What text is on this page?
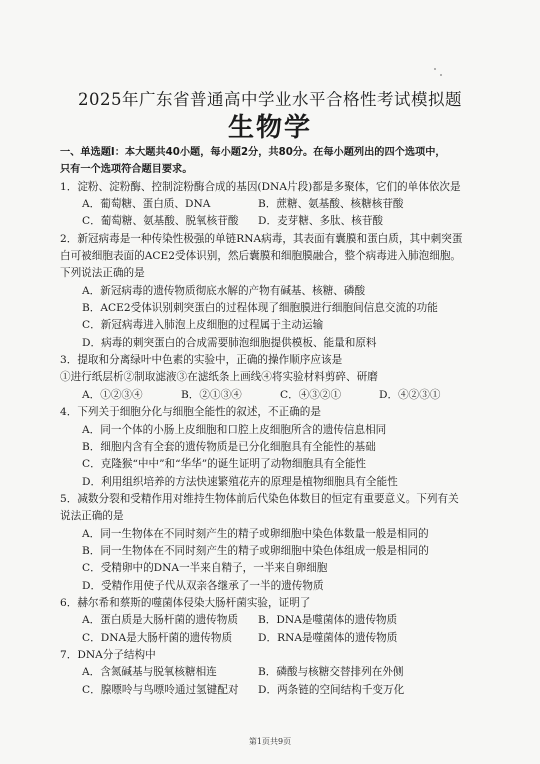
2025年广东省普通高中学业水平合格性考试模拟题
生物学
一、单选题I：本大题共40小题，每小题2分，共80分。在每小题列出的四个选项中，
只有一个选项符合题目要求。
1．淀粉、淀粉酶、控制淀粉酶合成的基因(DNA片段)都是多聚体，它们的单体依次是
A．葡萄糖、蛋白质、DNA	B．蔗糖、氨基酸、核糖核苷酸
C．葡萄糖、氨基酸、脱氧核苷酸	D．麦芽糖、多肽、核苷酸
2．新冠病毒是一种传染性极强的单链RNA病毒，其表面有囊膜和蛋白质，其中刺突蛋
白可被细胞表面的ACE2受体识别，然后囊膜和细胞膜融合，整个病毒进入肺泡细胞。
下列说法正确的是
A．新冠病毒的遗传物质彻底水解的产物有碱基、核糖、磷酸
B．ACE2受体识别刺突蛋白的过程体现了细胞膜进行细胞间信息交流的功能
C．新冠病毒进入肺泡上皮细胞的过程属于主动运输
D．病毒的刺突蛋白的合成需要肺泡细胞提供模板、能量和原料
3．提取和分离绿叶中色素的实验中，正确的操作顺序应该是
①进行纸层析②制取滤液③在滤纸条上画线④将实验材料剪碎、研磨
A．①②③④	B．②①③④	C．④③②①	D．④②③①
4．下列关于细胞分化与细胞全能性的叙述，不正确的是
A．同一个体的小肠上皮细胞和口腔上皮细胞所含的遗传信息相同
B．细胞内含有全套的遗传物质是已分化细胞具有全能性的基础
C．克隆猴“中中”和“华华”的诞生证明了动物细胞具有全能性
D．利用组织培养的方法快速繁殖花卉的原理是植物细胞具有全能性
5．减数分裂和受精作用对维持生物体前后代染色体数目的恒定有重要意义。下列有关
说法正确的是
A．同一生物体在不同时刻产生的精子或卵细胞中染色体数量一般是相同的
B．同一生物体在不同时刻产生的精子或卵细胞中染色体组成一般是相同的
C．受精卵中的DNA一半来自精子，一半来自卵细胞
D．受精作用使子代从双亲各继承了一半的遗传物质
6．赫尔希和蔡斯的噬菌体侵染大肠杆菌实验，证明了
A．蛋白质是大肠杆菌的遗传物质	B．DNA是噬菌体的遗传物质
C．DNA是大肠杆菌的遗传物质	D．RNA是噬菌体的遗传物质
7．DNA分子结构中
A．含氮碱基与脱氧核糖相连	B．磷酸与核糖交替排列在外侧
C．腺嘌呤与鸟嘌呤通过氢键配对	D．两条链的空间结构千变万化
第1页共9页
